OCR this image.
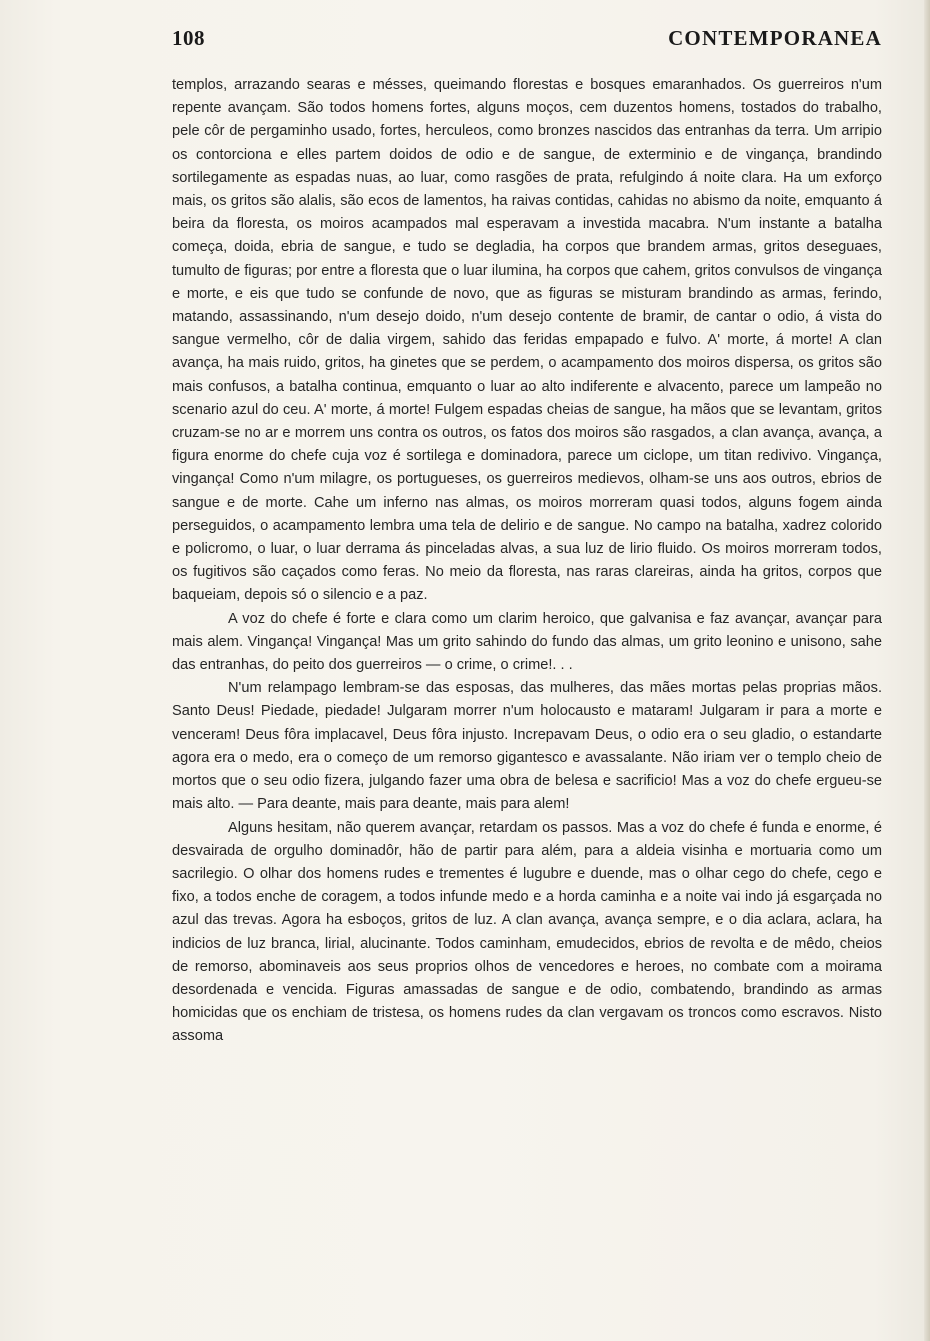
108	CONTEMPORANEA

templos, arrazando searas e mésses, queimando florestas e bosques emaranhados. Os guerreiros n'um repente avançam. São todos homens fortes, alguns moços, cem duzentos homens, tostados do trabalho, pele côr de pergaminho usado, fortes, herculeos, como bronzes nascidos das entranhas da terra. Um arripio os contorciona e elles partem doidos de odio e de sangue, de exterminio e de vingança, brandindo sortilegamente as espadas nuas, ao luar, como rasgões de prata, refulgindo á noite clara. Ha um exforço mais, os gritos são alalis, são ecos de lamentos, ha raivas contidas, cahidas no abismo da noite, emquanto á beira da floresta, os moiros acampados mal esperavam a investida macabra. N'um instante a batalha começa, doida, ebria de sangue, e tudo se degladia, ha corpos que brandem armas, gritos deseguaes, tumulto de figuras; por entre a floresta que o luar ilumina, ha corpos que cahem, gritos convulsos de vingança e morte, e eis que tudo se confunde de novo, que as figuras se misturam brandindo as armas, ferindo, matando, assassinando, n'um desejo doido, n'um desejo contente de bramir, de cantar o odio, á vista do sangue vermelho, côr de dalia virgem, sahido das feridas empapado e fulvo. A' morte, á morte! A clan avança, ha mais ruido, gritos, ha ginetes que se perdem, o acampamento dos moiros dispersa, os gritos são mais confusos, a batalha continua, emquanto o luar ao alto indiferente e alvacento, parece um lampeão no scenario azul do ceu. A' morte, á morte! Fulgem espadas cheias de sangue, ha mãos que se levantam, gritos cruzam-se no ar e morrem uns contra os outros, os fatos dos moiros são rasgados, a clan avança, avança, a figura enorme do chefe cuja voz é sortilega e dominadora, parece um ciclope, um titan redivivo. Vingança, vingança! Como n'um milagre, os portugueses, os guerreiros medievos, olham-se uns aos outros, ebrios de sangue e de morte. Cahe um inferno nas almas, os moiros morreram quasi todos, alguns fogem ainda perseguidos, o acampamento lembra uma tela de delirio e de sangue. No campo na batalha, xadrez colorido e policromo, o luar, o luar derrama ás pinceladas alvas, a sua luz de lirio fluido. Os moiros morreram todos, os fugitivos são caçados como feras. No meio da floresta, nas raras clareiras, ainda ha gritos, corpos que baqueiam, depois só o silencio e a paz.

A voz do chefe é forte e clara como um clarim heroico, que galvanisa e faz avançar, avançar para mais alem. Vingança! Vingança! Mas um grito sahindo do fundo das almas, um grito leonino e unisono, sahe das entranhas, do peito dos guerreiros — o crime, o crime!. . .

N'um relampago lembram-se das esposas, das mulheres, das mães mortas pelas proprias mãos. Santo Deus! Piedade, piedade! Julgaram morrer n'um holocausto e mataram! Julgaram ir para a morte e venceram! Deus fôra implacavel, Deus fôra injusto. Increpavam Deus, o odio era o seu gladio, o estandarte agora era o medo, era o começo de um remorso gigantesco e avassalante. Não iriam ver o templo cheio de mortos que o seu odio fizera, julgando fazer uma obra de belesa e sacrificio! Mas a voz do chefe ergueu-se mais alto. — Para deante, mais para deante, mais para alem!

Alguns hesitam, não querem avançar, retardam os passos. Mas a voz do chefe é funda e enorme, é desvairada de orgulho dominadôr, hão de partir para além, para a aldeia visinha e mortuaria como um sacrilegio. O olhar dos homens rudes e trementes é lugubre e duende, mas o olhar cego do chefe, cego e fixo, a todos enche de coragem, a todos infunde medo e a horda caminha e a noite vai indo já esgarçada no azul das trevas. Agora ha esboços, gritos de luz. A clan avança, avança sempre, e o dia aclara, aclara, ha indicios de luz branca, lirial, alucinante. Todos caminham, emudecidos, ebrios de revolta e de mêdo, cheios de remorso, abominaveis aos seus proprios olhos de vencedores e heroes, no combate com a moirama desordenada e vencida. Figuras amassadas de sangue e de odio, combatendo, brandindo as armas homicidas que os enchiam de tristesa, os homens rudes da clan vergavam os troncos como escravos. Nisto assoma
